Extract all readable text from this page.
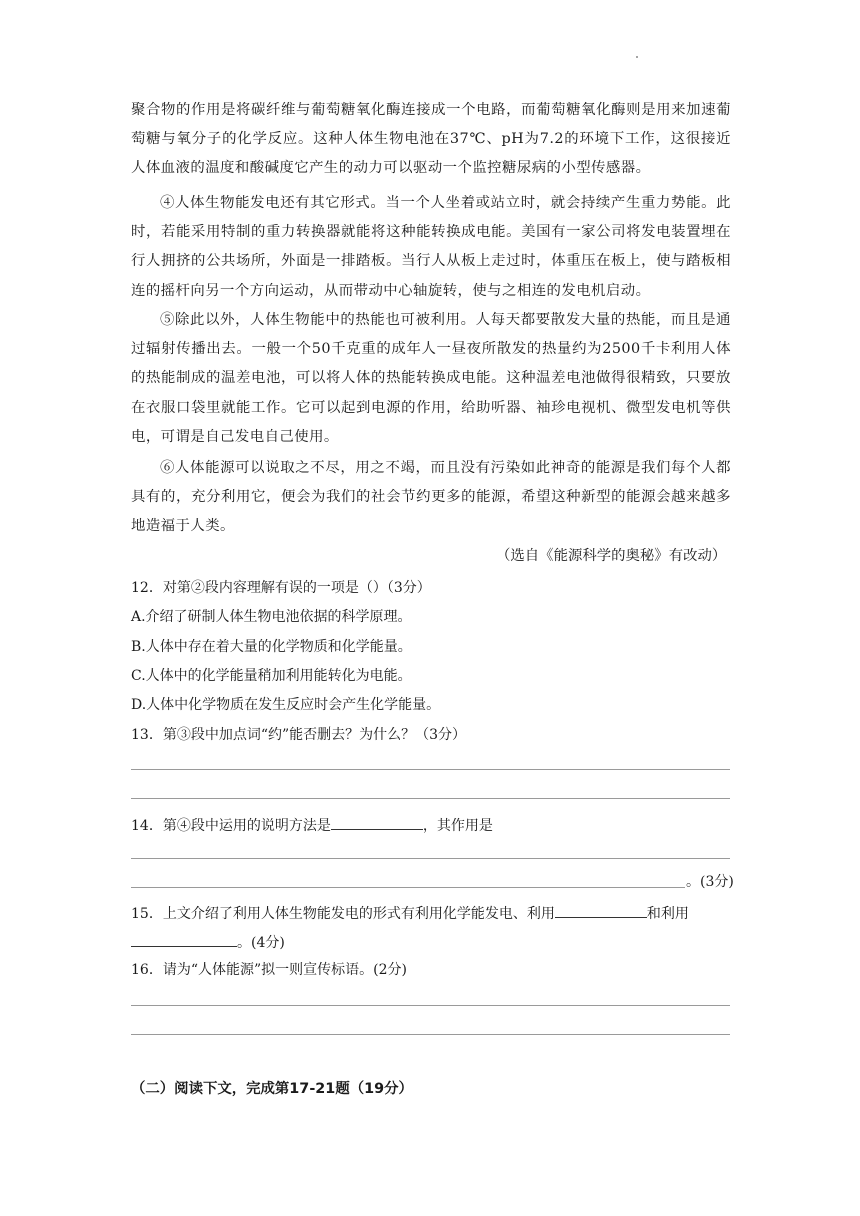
聚合物的作用是将碳纤维与葡萄糖氧化酶连接成一个电路，而葡萄糖氧化酶则是用来加速葡萄糖与氧分子的化学反应。这种人体生物电池在37℃、pH为7.2的环境下工作，这很接近人体血液的温度和酸碱度它产生的动力可以驱动一个监控糖尿病的小型传感器。
④人体生物能发电还有其它形式。当一个人坐着或站立时，就会持续产生重力势能。此时，若能采用特制的重力转换器就能将这种能转换成电能。美国有一家公司将发电装置埋在行人拥挤的公共场所，外面是一排踏板。当行人从板上走过时，体重压在板上，使与踏板相连的摇杆向另一个方向运动，从而带动中心轴旋转，使与之相连的发电机启动。
⑤除此以外，人体生物能中的热能也可被利用。人每天都要散发大量的热能，而且是通过辐射传播出去。一般一个50千克重的成年人一昼夜所散发的热量约为2500千卡利用人体的热能制成的温差电池，可以将人体的热能转换成电能。这种温差电池做得很精致，只要放在衣服口袋里就能工作。它可以起到电源的作用，给助听器、袖珍电视机、微型发电机等供电，可谓是自己发电自己使用。
⑥人体能源可以说取之不尽，用之不竭，而且没有污染如此神奇的能源是我们每个人都具有的，充分利用它，便会为我们的社会节约更多的能源，希望这种新型的能源会越来越多地造福于人类。
（选自《能源科学的奥秘》有改动）
12．对第②段内容理解有误的一项是（）（3分）
A.介绍了研制人体生物电池依据的科学原理。
B.人体中存在着大量的化学物质和化学能量。
C.人体中的化学能量稍加利用能转化为电能。
D.人体中化学物质在发生反应时会产生化学能量。
13．第③段中加点词“约”能否删去？为什么？（3分）
14．第④段中运用的说明方法是	，其作用是
。(3分)
15．上文介绍了利用人体生物能发电的形式有利用化学能发电、利用	和利用
。(4分)
16．请为“人体能源”拟一则宣传标语。(2分)
（二）阅读下文，完成第17-21题（19分）
